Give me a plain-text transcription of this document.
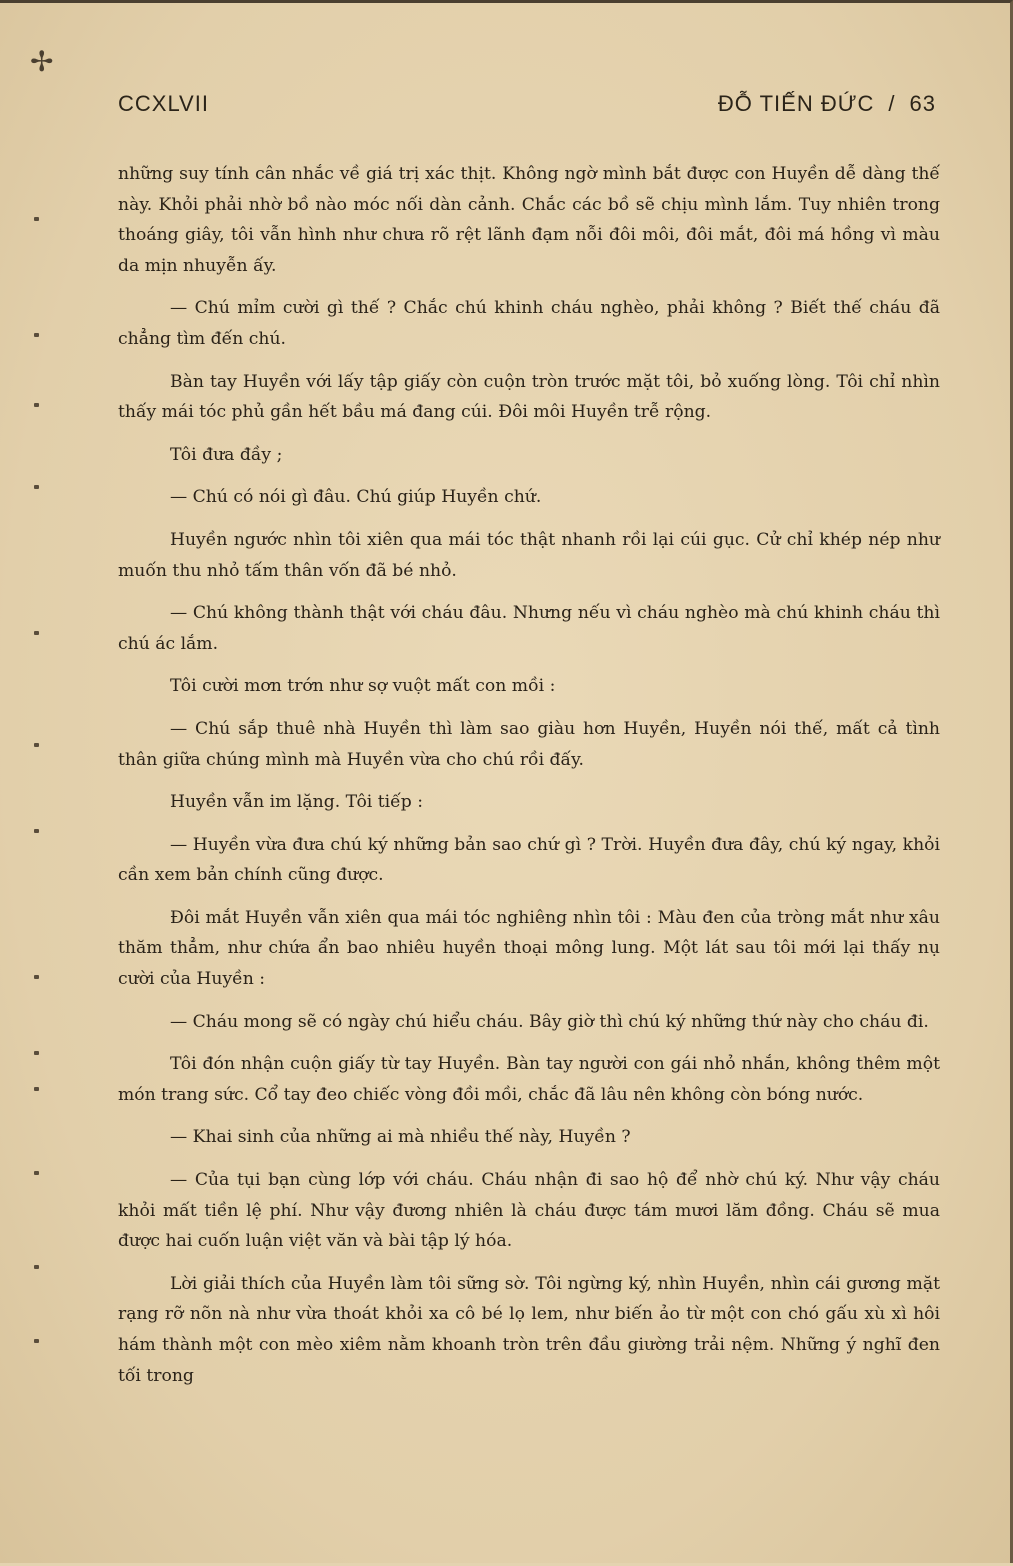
✢
CCXLVII	ĐỖ TIẾN ĐỨC / 63

những suy tính cân nhắc về giá trị xác thịt. Không ngờ mình bắt được con Huyền dễ dàng thế này. Khỏi phải nhờ bồ nào móc nối dàn cảnh. Chắc các bồ sẽ chịu mình lắm. Tuy nhiên trong thoáng giây, tôi vẫn hình như chưa rõ rệt lãnh đạm nỗi đôi môi, đôi mắt, đôi má hồng vì màu da mịn nhuyễn ấy.

— Chú mỉm cười gì thế ? Chắc chú khinh cháu nghèo, phải không ? Biết thế cháu đã chẳng tìm đến chú.

Bàn tay Huyền với lấy tập giấy còn cuộn tròn trước mặt tôi, bỏ xuống lòng. Tôi chỉ nhìn thấy mái tóc phủ gần hết bầu má đang cúi. Đôi môi Huyền trễ rộng.

Tôi đưa đầy ;

— Chú có nói gì đâu. Chú giúp Huyền chứ.

Huyền ngước nhìn tôi xiên qua mái tóc thật nhanh rồi lại cúi gục. Cử chỉ khép nép như muốn thu nhỏ tấm thân vốn đã bé nhỏ.

— Chú không thành thật với cháu đâu. Nhưng nếu vì cháu nghèo mà chú khinh cháu thì chú ác lắm.

Tôi cười mơn trớn như sợ vuột mất con mồi :

— Chú sắp thuê nhà Huyền thì làm sao giàu hơn Huyền, Huyền nói thế, mất cả tình thân giữa chúng mình mà Huyền vừa cho chú rồi đấy.

Huyền vẫn im lặng. Tôi tiếp :

— Huyền vừa đưa chú ký những bản sao chứ gì ? Trời. Huyền đưa đây, chú ký ngay, khỏi cần xem bản chính cũng được.

Đôi mắt Huyền vẫn xiên qua mái tóc nghiêng nhìn tôi : Màu đen của tròng mắt như xâu thăm thẳm, như chứa ẩn bao nhiêu huyền thoại mông lung. Một lát sau tôi mới lại thấy nụ cười của Huyền :

— Cháu mong sẽ có ngày chú hiểu cháu. Bây giờ thì chú ký những thứ này cho cháu đi.

Tôi đón nhận cuộn giấy từ tay Huyền. Bàn tay người con gái nhỏ nhắn, không thêm một món trang sức. Cổ tay đeo chiếc vòng đồi mồi, chắc đã lâu nên không còn bóng nước.

— Khai sinh của những ai mà nhiều thế này, Huyền ?

— Của tụi bạn cùng lớp với cháu. Cháu nhận đi sao hộ để nhờ chú ký. Như vậy cháu khỏi mất tiền lệ phí. Như vậy đương nhiên là cháu được tám mươi lăm đồng. Cháu sẽ mua được hai cuốn luận việt văn và bài tập lý hóa.

Lời giải thích của Huyền làm tôi sững sờ. Tôi ngừng ký, nhìn Huyền, nhìn cái gương mặt rạng rỡ nõn nà như vừa thoát khỏi xa cô bé lọ lem, như biến ảo từ một con chó gấu xù xì hôi hám thành một con mèo xiêm nằm khoanh tròn trên đầu giường trải nệm. Những ý nghĩ đen tối trong
